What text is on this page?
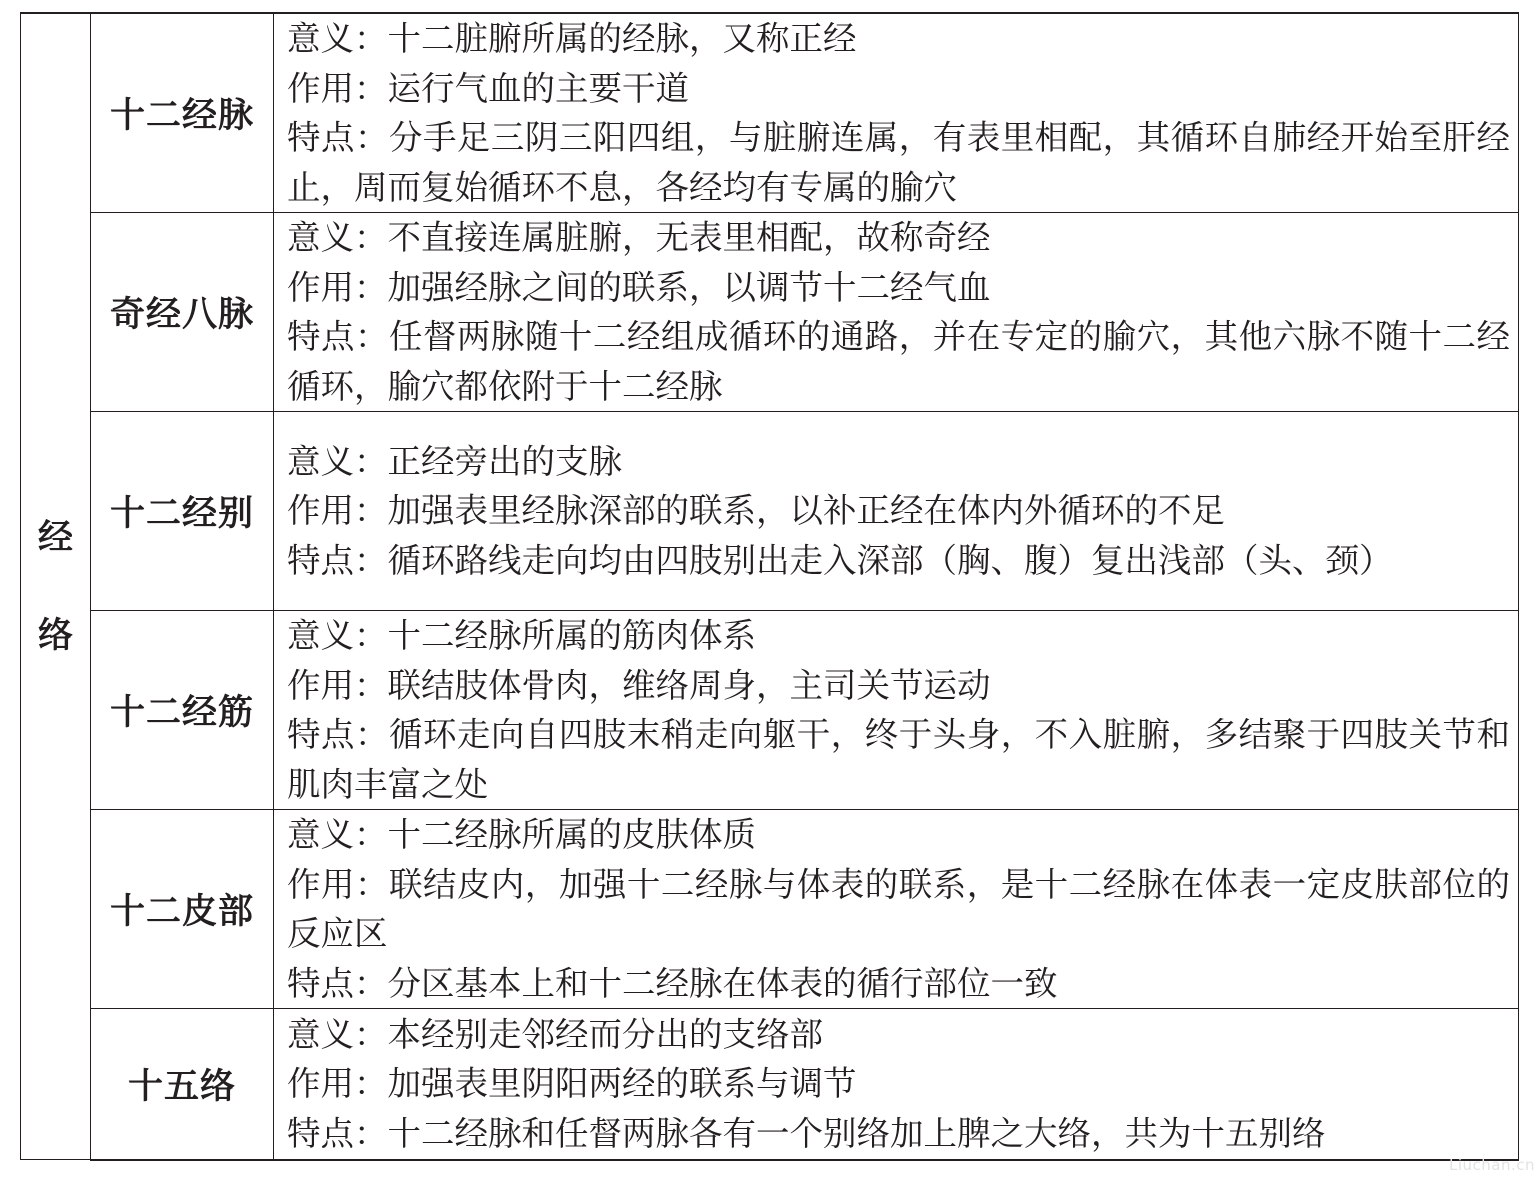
经络	十二经脉	意义：十二脏腑所属的经脉，又称正经
作用：运行气血的主要干道
特点：分手足三阴三阳四组，与脏腑连属，有表里相配，其循环自肺经开始至肝经止，周而复始循环不息，各经均有专属的腧穴

	奇经八脉	意义：不直接连属脏腑，无表里相配，故称奇经
作用：加强经脉之间的联系，以调节十二经气血
特点：任督两脉随十二经组成循环的通路，并在专定的腧穴，其他六脉不随十二经循环，腧穴都依附于十二经脉

	十二经别	意义：正经旁出的支脉
作用：加强表里经脉深部的联系，以补正经在体内外循环的不足
特点：循环路线走向均由四肢别出走入深部（胸、腹）复出浅部（头、颈）

	十二经筋	意义：十二经脉所属的筋肉体系
作用：联结肢体骨肉，维络周身，主司关节运动
特点：循环走向自四肢末稍走向躯干，终于头身，不入脏腑，多结聚于四肢关节和肌肉丰富之处

	十二皮部	意义：十二经脉所属的皮肤体质
作用：联结皮内，加强十二经脉与体表的联系，是十二经脉在体表一定皮肤部位的反应区
特点：分区基本上和十二经脉在体表的循行部位一致

	十五络	意义：本经别走邻经而分出的支络部
作用：加强表里阴阳两经的联系与调节
特点：十二经脉和任督两脉各有一个别络加上脾之大络，共为十五别络
Liuchan.cn
